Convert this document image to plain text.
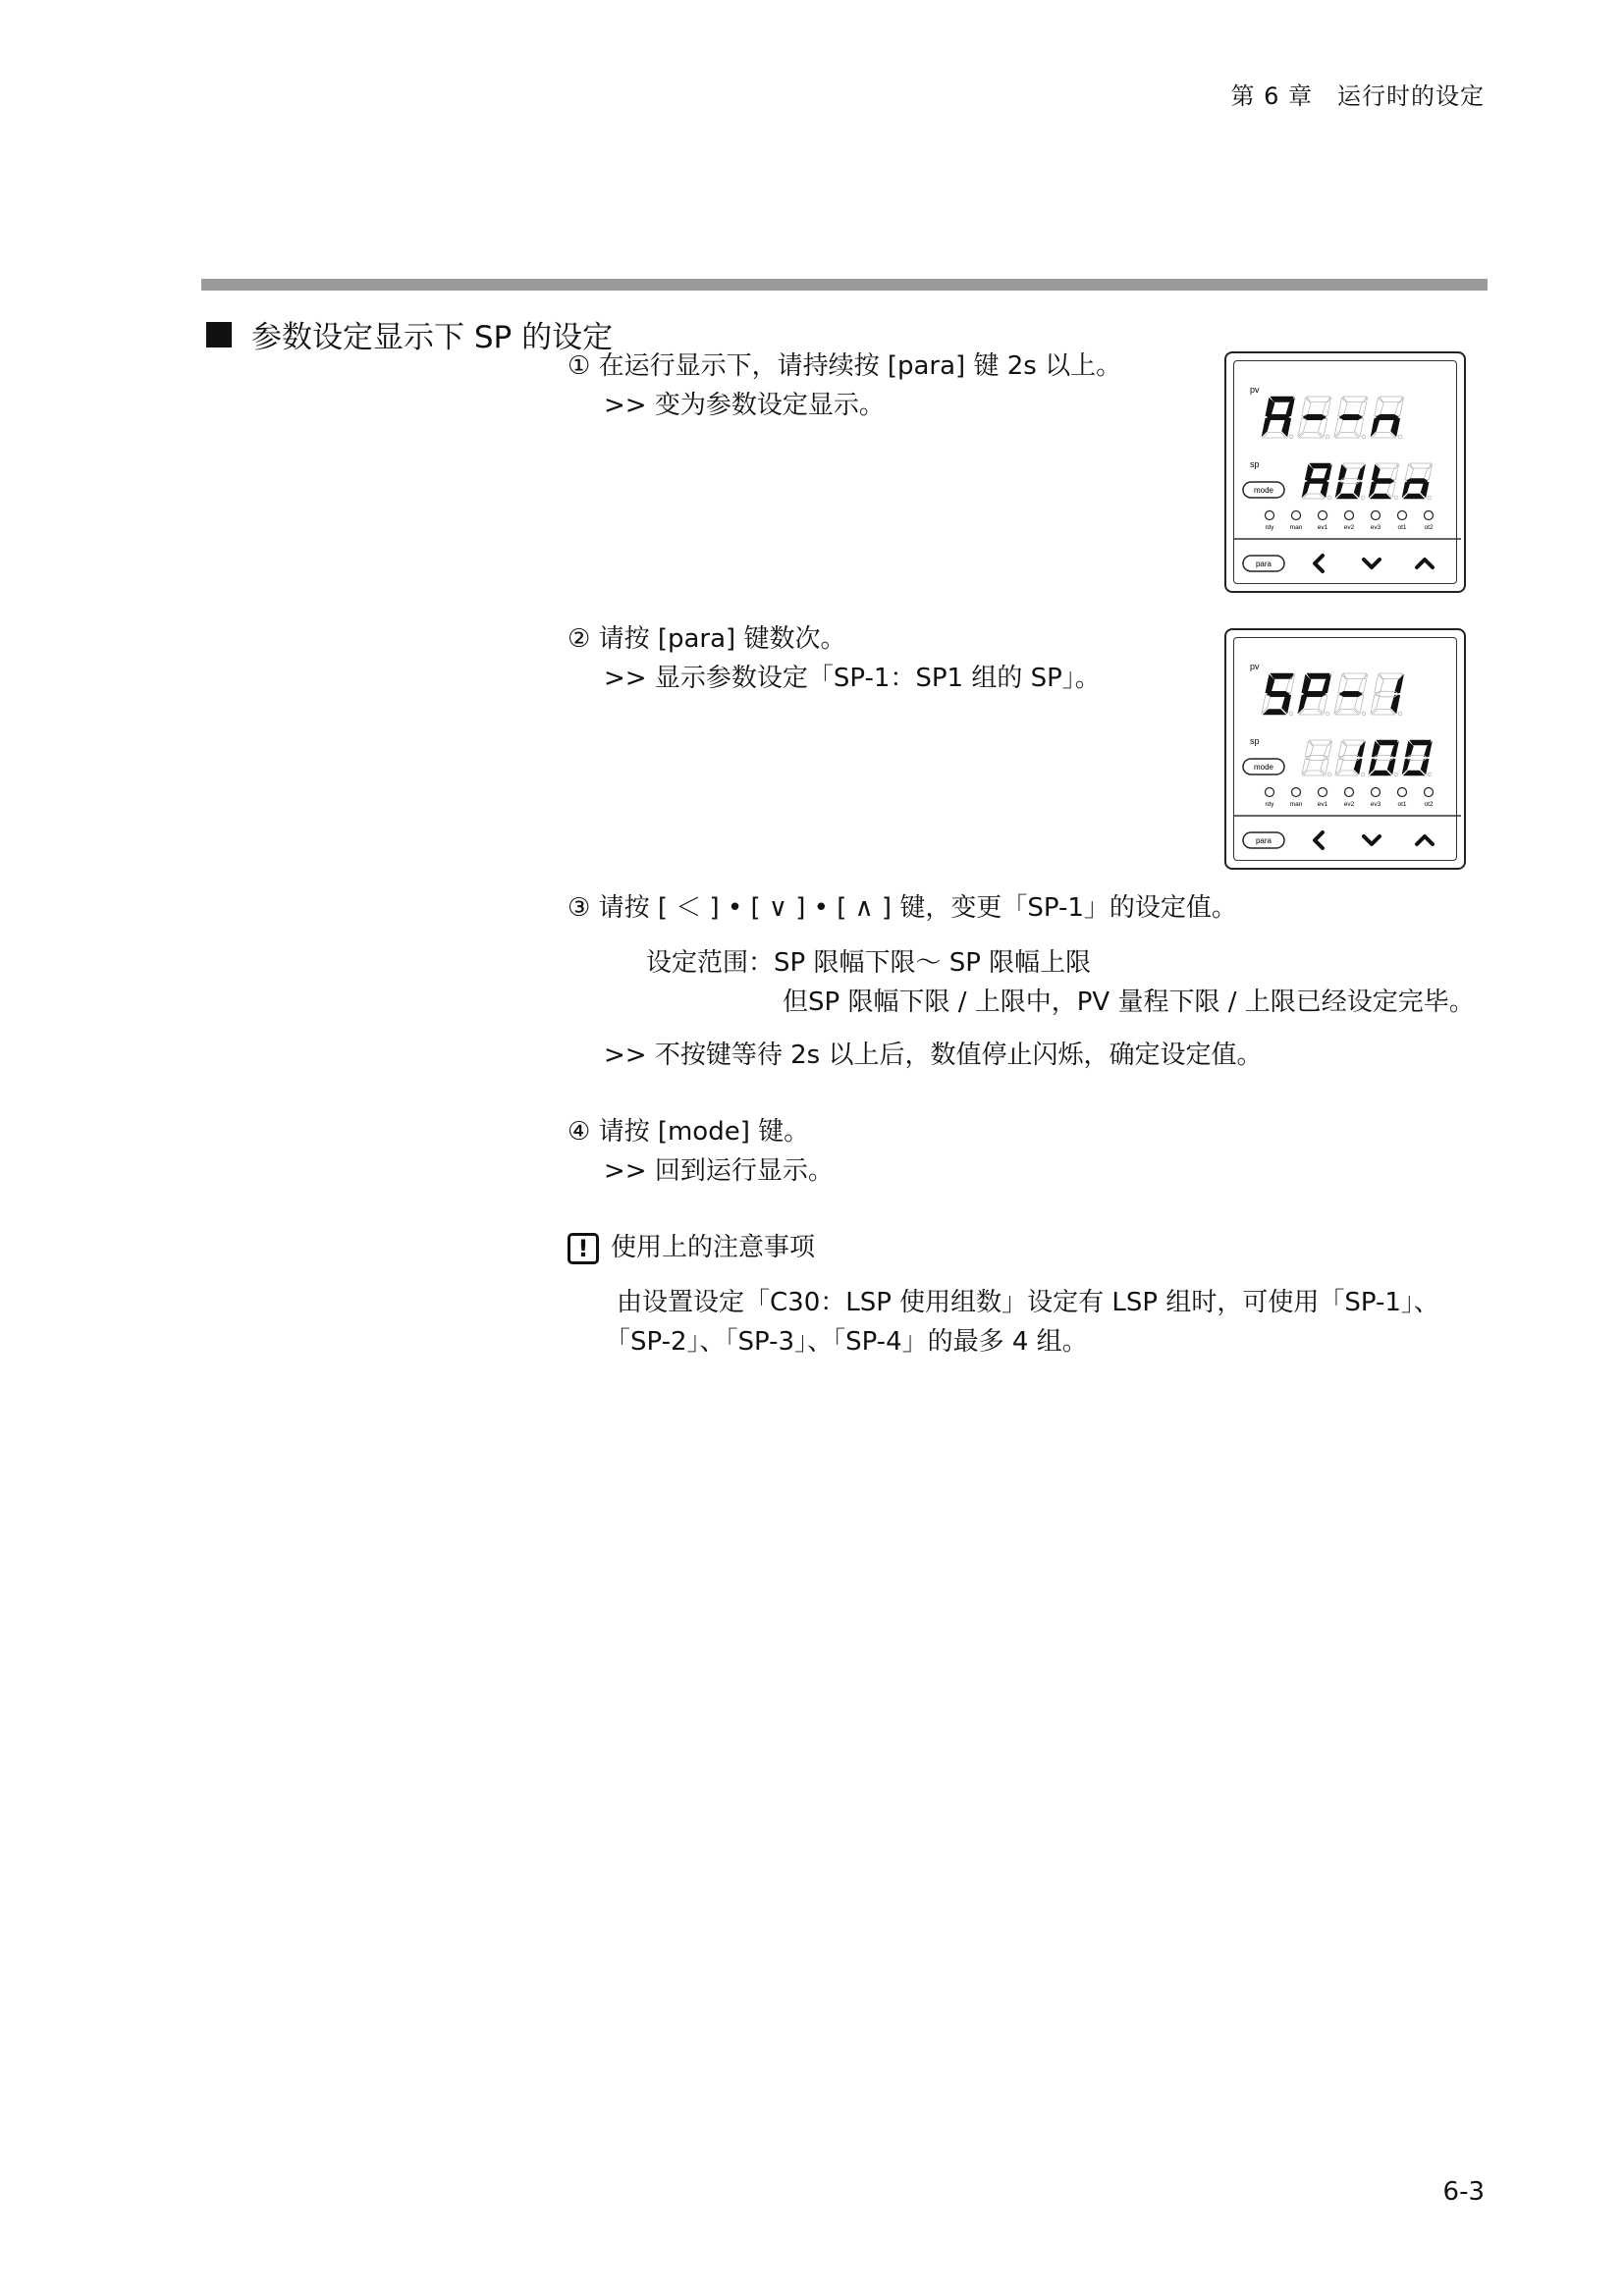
第 6 章　运行时的设定
参数设定显示下 SP 的设定
① 在运行显示下，请持续按 [para] 键 2s 以上。
>> 变为参数设定显示。
② 请按 [para] 键数次。
>> 显示参数设定「SP-1：SP1 组的 SP」。
③ 请按 [ ＜ ] • [ ∨ ] • [ ∧ ] 键，变更「SP-1」的设定值。
设定范围：SP 限幅下限～ SP 限幅上限
但SP 限幅下限 / 上限中，PV 量程下限 / 上限已经设定完毕。
>> 不按键等待 2s 以上后，数值停止闪烁，确定设定值。
④ 请按 [mode] 键。
>> 回到运行显示。
! 使用上的注意事项
由设置设定「C30：LSP 使用组数」设定有 LSP 组时，可使用「SP-1」、
「SP-2」、「SP-3」、「SP-4」的最多 4 组。
pv
sp
mode
rdy man ev1	ev2	ev3	ot1	ot2
para
pv
sp
mode
rdy man ev1	ev2	ev3	ot1	ot2
para
6-3
